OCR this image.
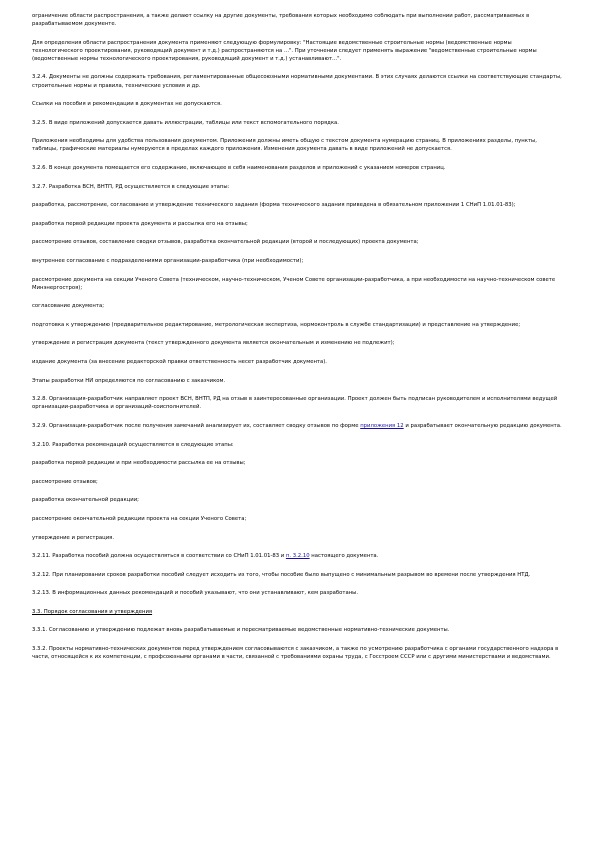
ограничение области распространения, а также делают ссылку на другие документы, требования которых необходимо соблюдать при выполнении работ, рассматриваемых в разрабатываемом документе.

Для определения области распространения документа применяют следующую формулировку: "Настоящие ведомственные строительные нормы (ведомственные нормы технологического проектирования, руководящий документ и т.д.) распространяются на ...". При уточнении следует применять выражение "ведомственные строительные нормы (ведомственные нормы технологического проектирования, руководящий документ и т.д.) устанавливают...".

3.2.4. Документы не должны содержать требования, регламентированные общесоюзными нормативными документами. В этих случаях делаются ссылки на соответствующие стандарты, строительные нормы и правила, технические условия и др.

Ссылки на пособия и рекомендации в документах не допускаются.

3.2.5. В виде приложений допускается давать иллюстрации, таблицы или текст вспомогательного порядка.

Приложения необходимы для удобства пользования документом. Приложения должны иметь общую с текстом документа нумерацию страниц. В приложениях разделы, пункты, таблицы, графические материалы нумеруются в пределах каждого приложения. Изменения документа давать в виде приложений не допускается.

3.2.6. В конце документа помещается его содержание, включающее в себя наименования разделов и приложений с указанием номеров страниц.

3.2.7. Разработка ВСН, ВНТП, РД осуществляется в следующие этапы:

разработка, рассмотрение, согласование и утверждение технического задания (форма технического задания приведена в обязательном приложении 1 СНиП 1.01.01-83);

разработка первой редакции проекта документа и рассылка его на отзывы;

рассмотрение отзывов, составление сводки отзывов, разработка окончательной редакции (второй и последующих) проекта документа;

внутреннее согласование с подразделениями организации-разработчика (при необходимости);

рассмотрение документа на секции Ученого Совета (техническом, научно-техническом, Ученом Совете организации-разработчика, а при необходимости на научно-техническом совете Минэнергостроя);

согласование документа;

подготовка к утверждению (предварительное редактирование, метрологическая экспертиза, нормоконтроль в службе стандартизации) и представление на утверждение;

утверждение и регистрация документа (текст утвержденного документа является окончательным и изменению не подлежит);

издание документа (за внесение редакторской правки ответственность несет разработчик документа).

Этапы разработки НИ определяются по согласованию с заказчиком.

3.2.8. Организация-разработчик направляет проект ВСН, ВНТП, РД на отзыв в заинтересованные организации. Проект должен быть подписан руководителем и исполнителями ведущей организации-разработчика и организаций-соисполнителей.

3.2.9. Организация-разработчик после получения замечаний анализирует их, составляет сводку отзывов по форме приложения 12 и разрабатывает окончательную редакцию документа.

3.2.10. Разработка рекомендаций осуществляется в следующие этапы:

разработка первой редакции и при необходимости рассылка ее на отзывы;

рассмотрение отзывов;

разработка окончательной редакции;

рассмотрение окончательной редакции проекта на секции Ученого Совета;

утверждение и регистрация.

3.2.11. Разработка пособий должна осуществляться в соответствии со СНиП 1.01.01-83 и п. 3.2.10 настоящего документа.

3.2.12. При планировании сроков разработки пособий следует исходить из того, чтобы пособие было выпущено с минимальным разрывом во времени после утверждения НТД.

3.2.13. В информационных данных рекомендаций и пособий указывают, что они устанавливают, кем разработаны.

3.3. Порядок согласования и утверждения

3.3.1. Согласованию и утверждению подлежат вновь разрабатываемые и пересматриваемые ведомственные нормативно-технические документы.

3.3.2. Проекты нормативно-технических документов перед утверждением согласовываются с заказчиком, а также по усмотрению разработчика с органами государственного надзора в части, относящейся к их компетенции, с профсоюзными органами в части, связанной с требованиями охраны труда, с Госстроем СССР или с другими министерствами и ведомствами.
